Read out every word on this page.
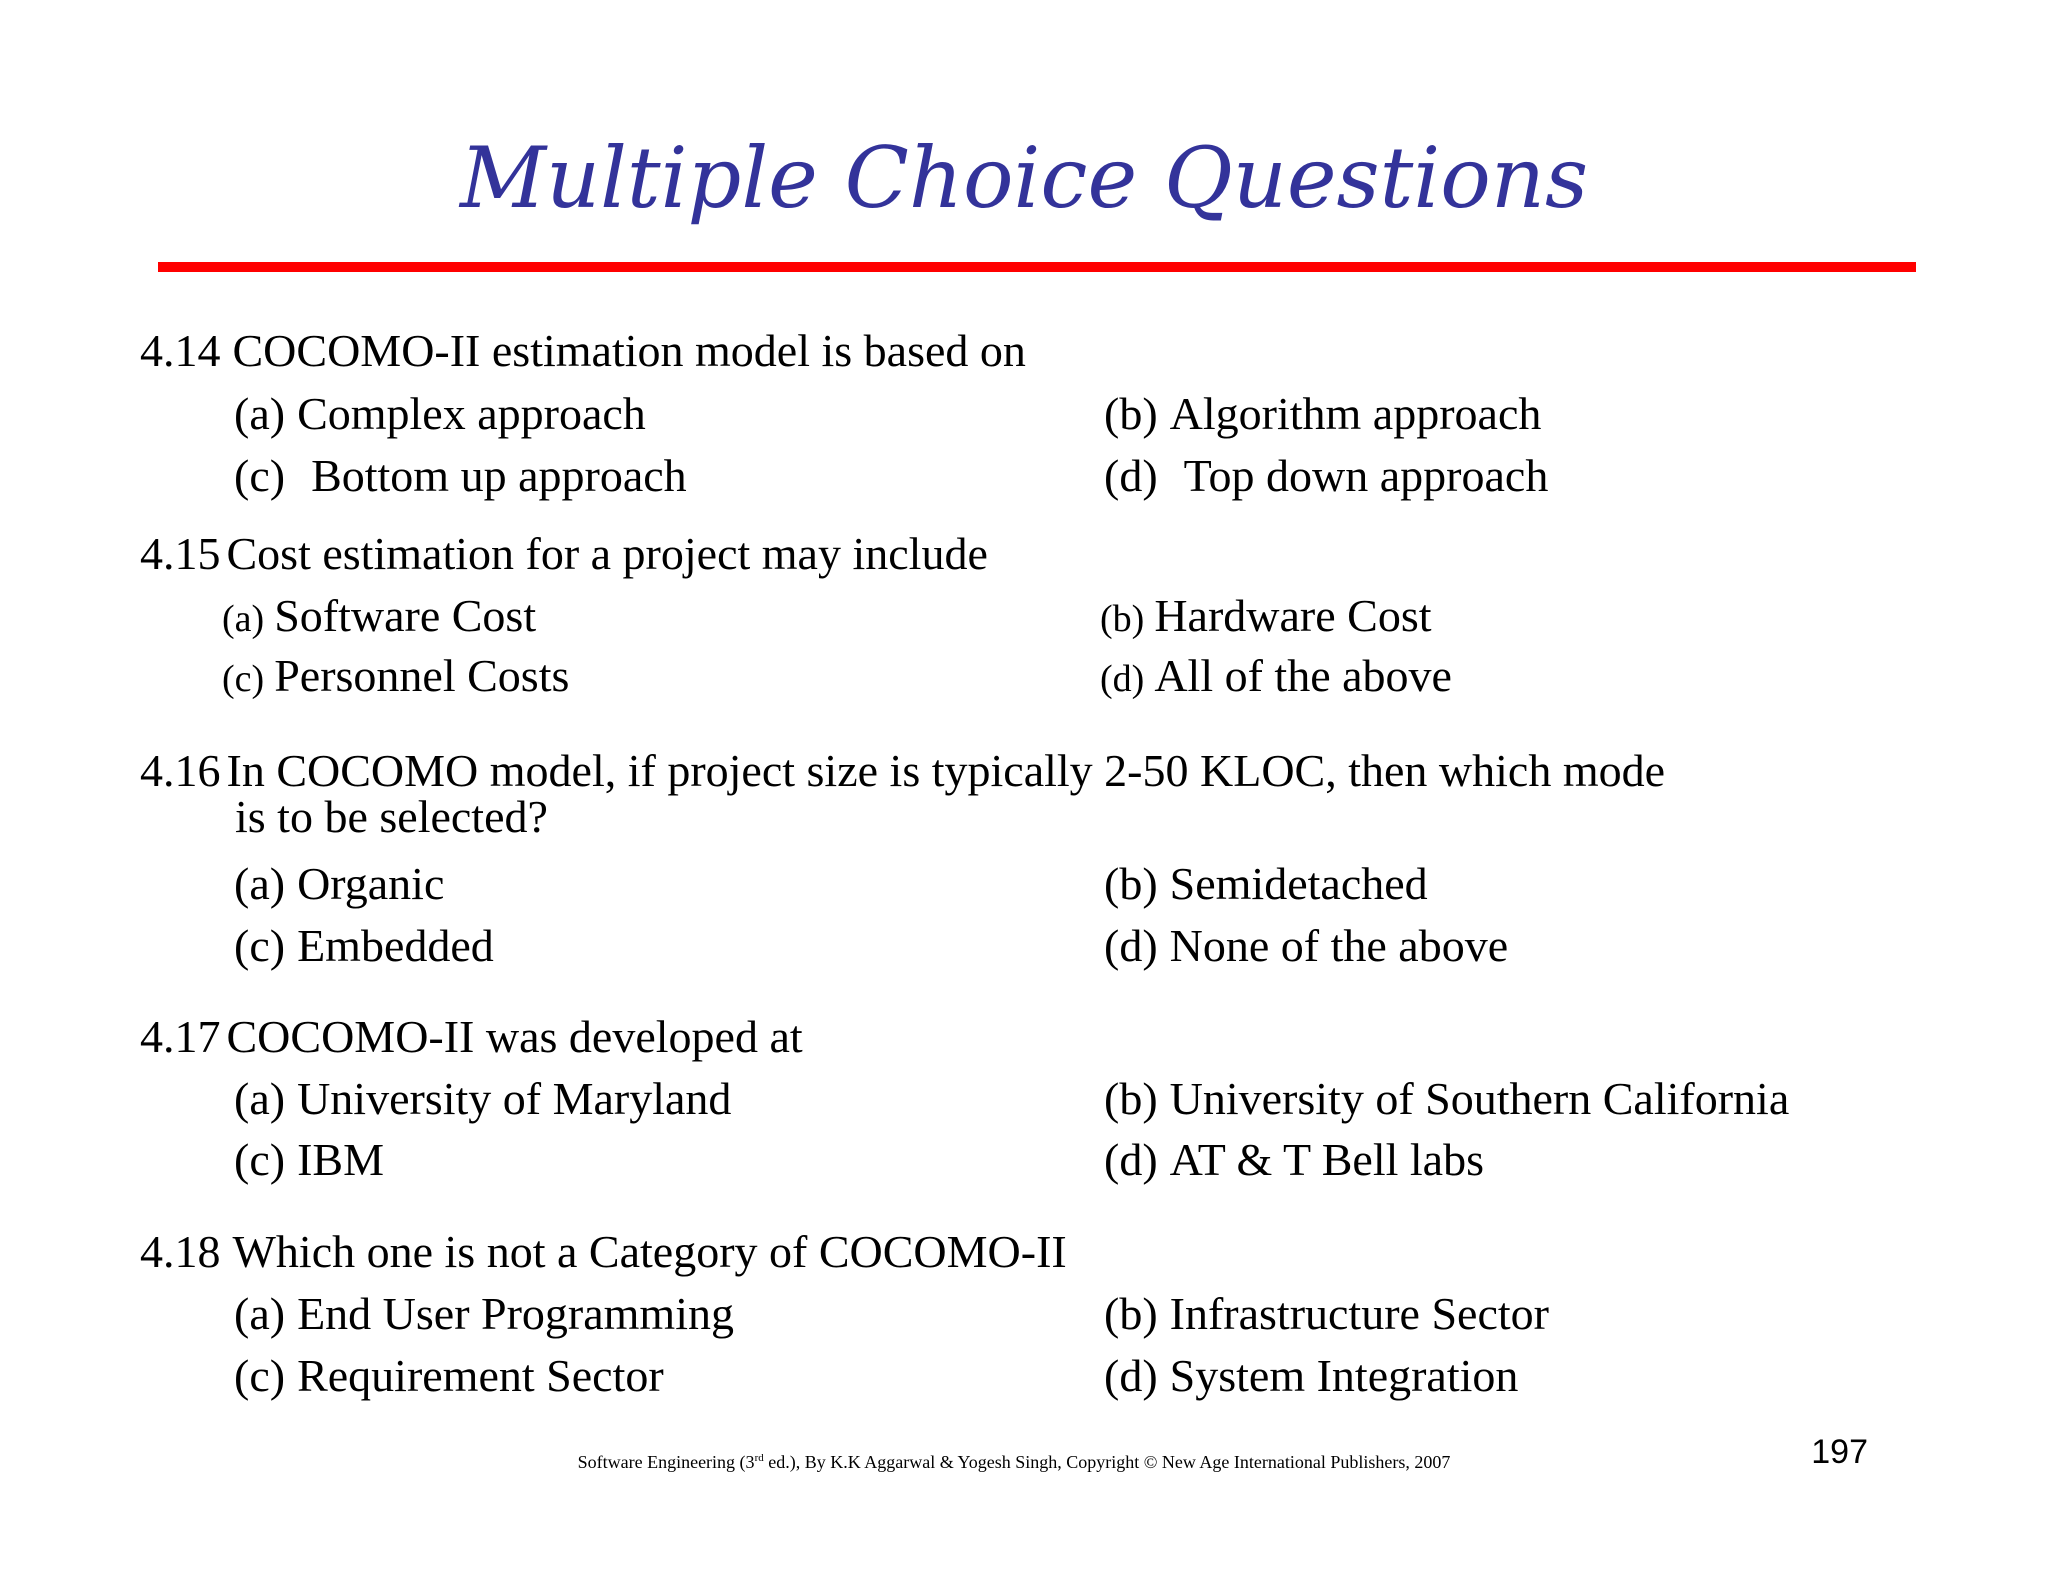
Multiple Choice Questions
4.14 COCOMO-II estimation model is based on
(a) Complex approach	(b) Algorithm approach
(c) Bottom up approach	(d) Top down approach
4.15 Cost estimation for a project may include
(a) Software Cost	(b) Hardware Cost
(c) Personnel Costs	(d) All of the above
4.16 In COCOMO model, if project size is typically 2-50 KLOC, then which mode
is to be selected?
(a) Organic	(b) Semidetached
(c) Embedded	(d) None of the above
4.17 COCOMO-II was developed at
(a) University of Maryland	(b) University of Southern California
(c) IBM	(d) AT & T Bell labs
4.18 Which one is not a Category of COCOMO-II
(a) End User Programming	(b) Infrastructure Sector
(c) Requirement Sector	(d) System Integration
Software Engineering (3rd ed.), By K.K Aggarwal & Yogesh Singh, Copyright © New Age International Publishers, 2007	197
